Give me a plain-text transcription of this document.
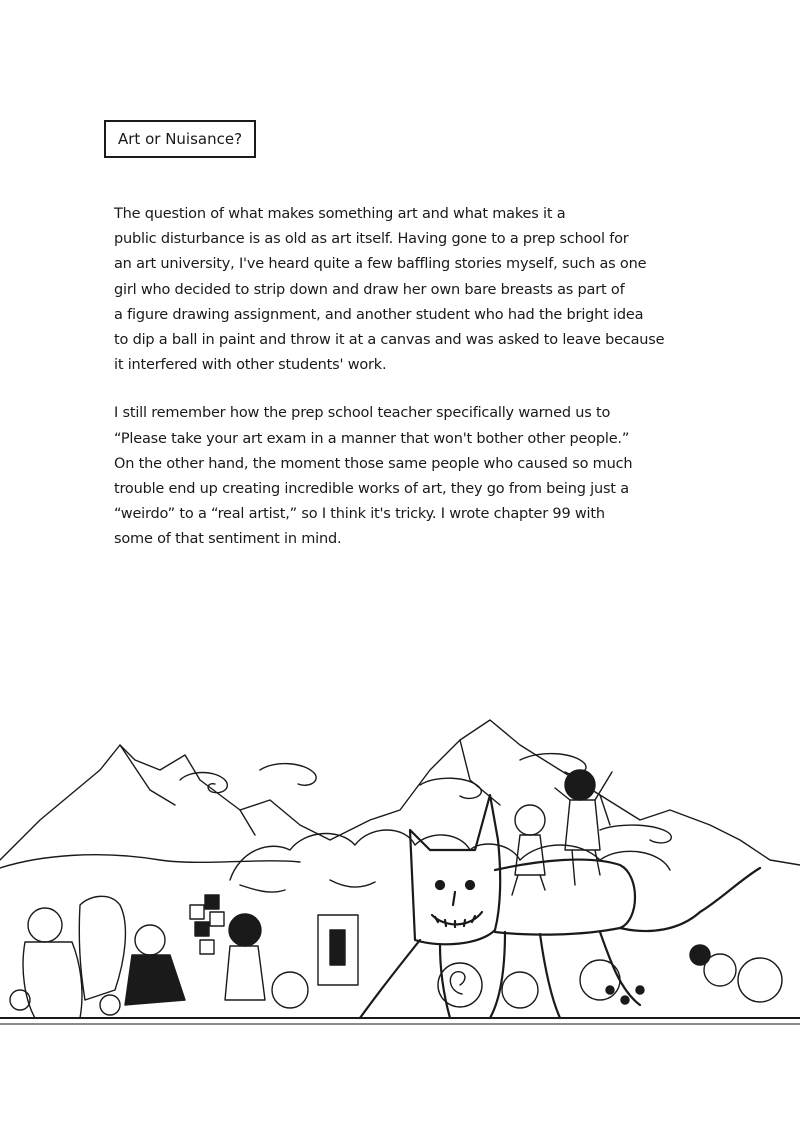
Art or Nuisance?

The question of what makes something art and what makes it a
public disturbance is as old as art itself. Having gone to a prep school for
an art university, I've heard quite a few baffling stories myself, such as one
girl who decided to strip down and draw her own bare breasts as part of
a figure drawing assignment, and another student who had the bright idea
to dip a ball in paint and throw it at a canvas and was asked to leave because
it interfered with other students' work.

I still remember how the prep school teacher specifically warned us to
“Please take your art exam in a manner that won't bother other people.”
On the other hand, the moment those same people who caused so much
trouble end up creating incredible works of art, they go from being just a
“weirdo” to a “real artist,” so I think it's tricky. I wrote chapter 99 with
some of that sentiment in mind.
